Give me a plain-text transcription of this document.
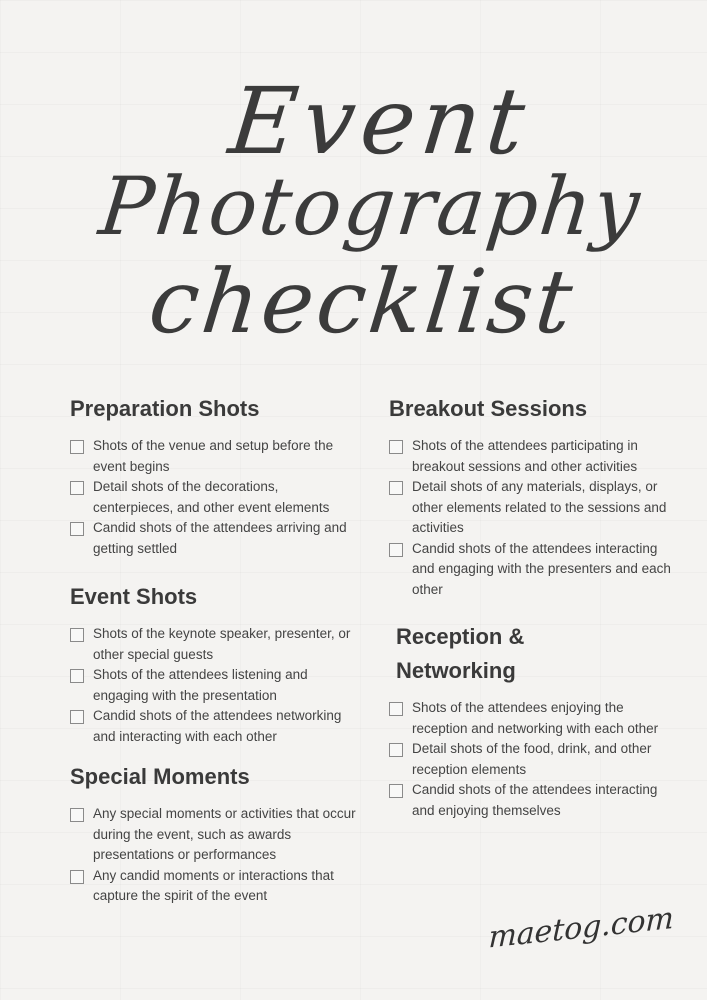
Event
Photography
checklist
Preparation Shots
Shots of the venue and setup before the event begins
Detail shots of the decorations, centerpieces, and other event elements
Candid shots of the attendees arriving and getting settled
Event Shots
Shots of the keynote speaker, presenter, or other special guests
Shots of the attendees listening and engaging with the presentation
Candid shots of the attendees networking and interacting with each other
Special Moments
Any special moments or activities that occur during the event, such as awards presentations or performances
Any candid moments or interactions that capture the spirit of the event
Breakout Sessions
Shots of the attendees participating in breakout sessions and other activities
Detail shots of any materials, displays, or other elements related to the sessions and activities
Candid shots of the attendees interacting and engaging with the presenters and each other
Reception & Networking
Shots of the attendees enjoying the reception and networking with each other
Detail shots of the food, drink, and other reception elements
Candid shots of the attendees interacting and enjoying themselves
maetog.com
